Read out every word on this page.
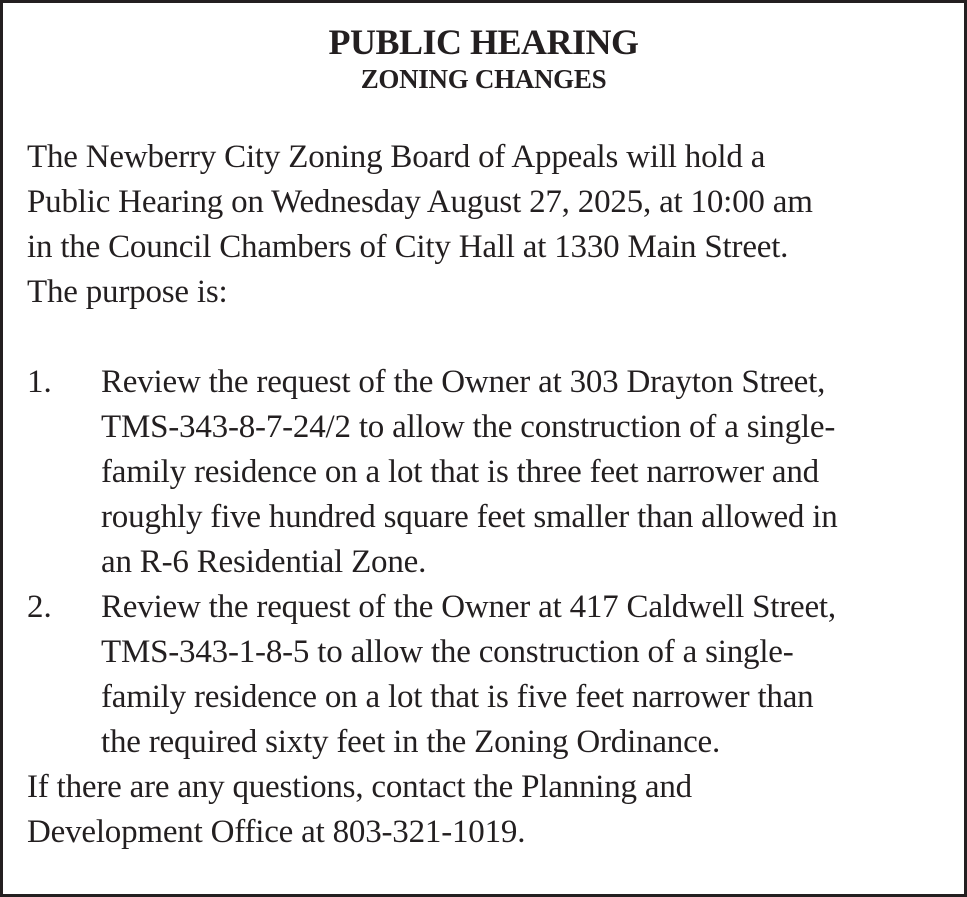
PUBLIC HEARING
ZONING CHANGES

The Newberry City Zoning Board of Appeals will hold a
Public Hearing on Wednesday August 27, 2025, at 10:00 am
in the Council Chambers of City Hall at 1330 Main Street.
The purpose is:

1.	Review the request of the Owner at 303 Drayton Street,
TMS-343-8-7-24/2 to allow the construction of a single-
family residence on a lot that is three feet narrower and
roughly five hundred square feet smaller than allowed in
an R-6 Residential Zone.
2.	Review the request of the Owner at 417 Caldwell Street,
TMS-343-1-8-5 to allow the construction of a single-
family residence on a lot that is five feet narrower than
the required sixty feet in the Zoning Ordinance.

If there are any questions, contact the Planning and
Development Office at 803-321-1019.
